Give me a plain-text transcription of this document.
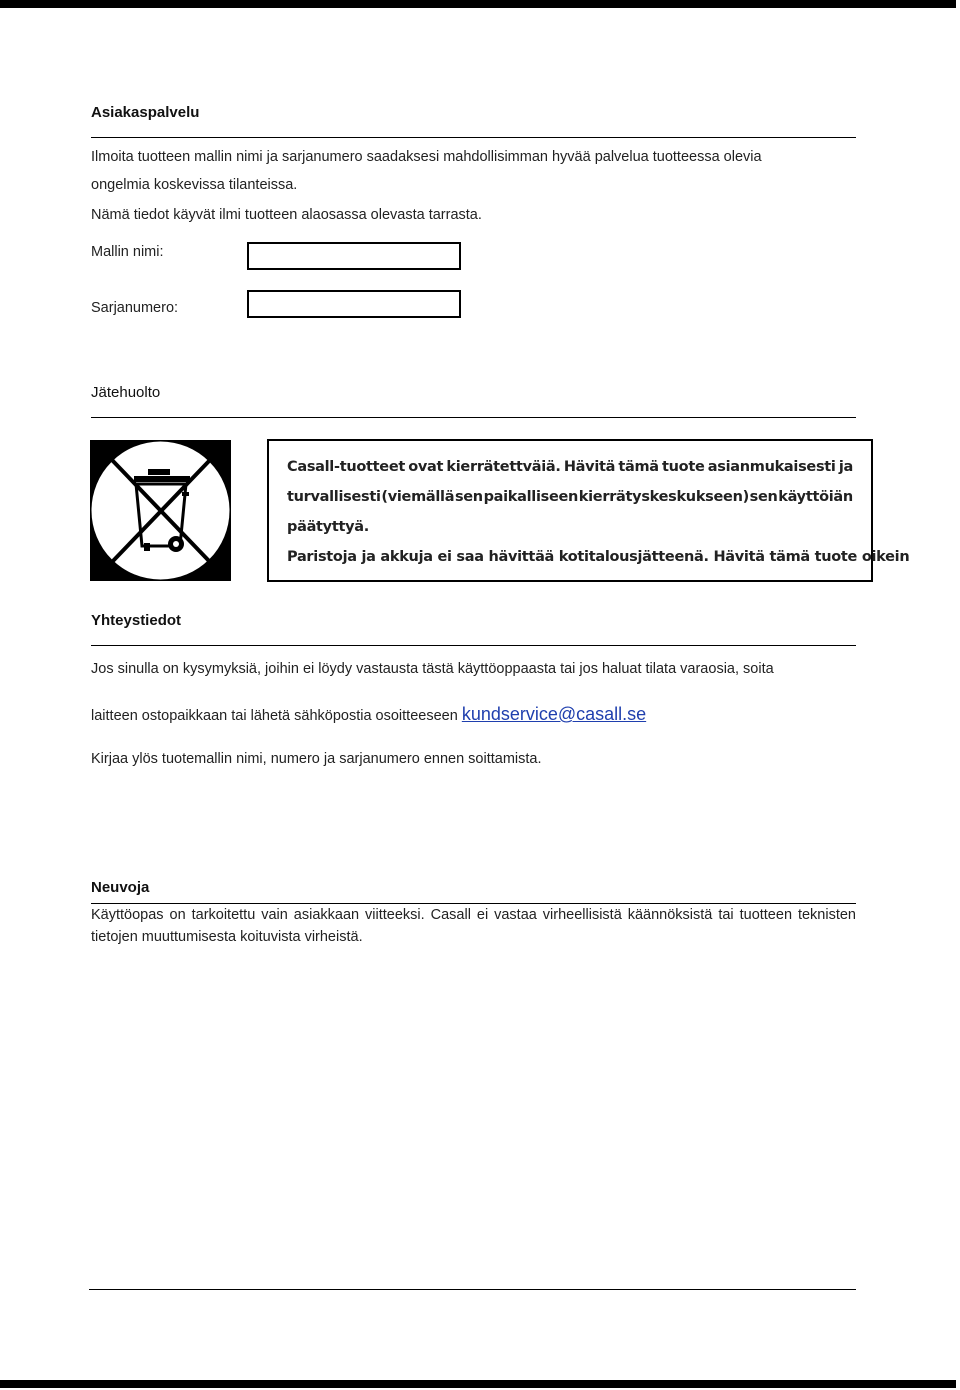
Asiakaspalvelu
Ilmoita tuotteen mallin nimi ja sarjanumero saadaksesi mahdollisimman hyvää palvelua tuotteessa olevia
ongelmia koskevissa tilanteissa.
Nämä tiedot käyvät ilmi tuotteen alaosassa olevasta tarrasta.
Mallin nimi:
Sarjanumero:
Jätehuolto
Casall-tuotteet ovat kierrätettväiä. Hävitä tämä tuote asianmukaisesti ja
turvallisesti (viemällä sen paikalliseen kierrätyskeskukseen) sen käyttöiän
päätyttyä.
Paristoja ja akkuja ei saa hävittää kotitalousjätteenä. Hävitä tämä tuote oikein
Yhteystiedot
Jos sinulla on kysymyksiä, joihin ei löydy vastausta tästä käyttöoppaasta tai jos haluat tilata varaosia, soita
laitteen ostopaikkaan tai lähetä sähköpostia osoitteeseen kundservice@casall.se
Kirjaa ylös tuotemallin nimi, numero ja sarjanumero ennen soittamista.
Neuvoja
Käyttöopas on tarkoitettu vain asiakkaan viitteeksi. Casall ei vastaa virheellisistä käännöksistä tai tuotteen teknisten tietojen muuttumisesta koituvista virheistä.
